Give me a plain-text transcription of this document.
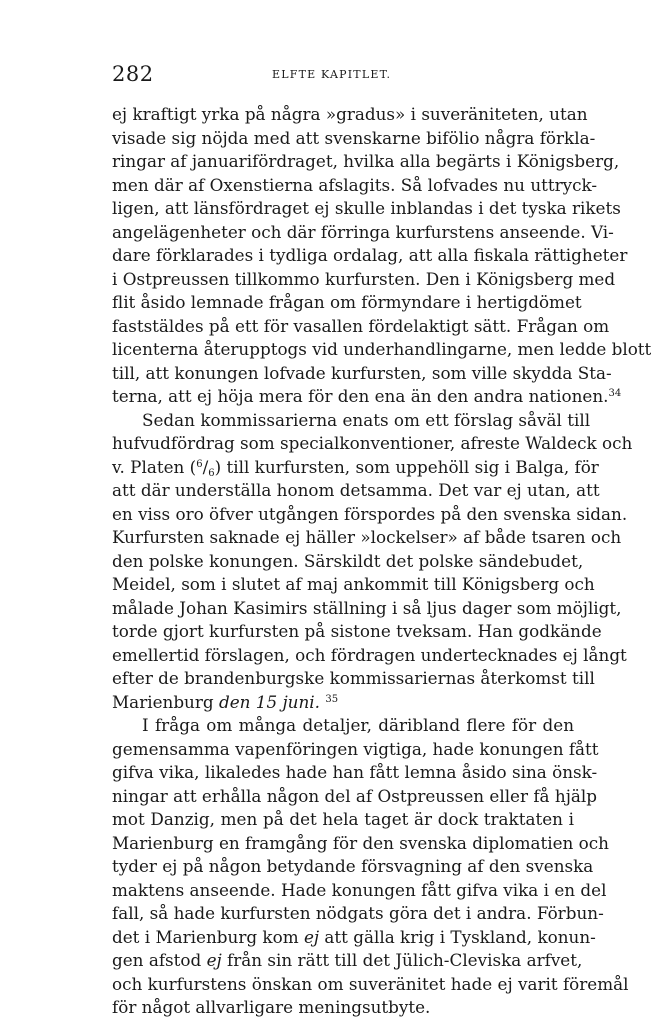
282	ELFTE KAPITLET.
ej kraftigt yrka på några »gradus» i suveräniteten, utan
visade sig nöjda med att svenskarne bifölio några förkla-
ringar af januarifördraget, hvilka alla begärts i Königsberg,
men där af Oxenstierna afslagits. Så lofvades nu uttryck-
ligen, att länsfördraget ej skulle inblandas i det tyska rikets
angelägenheter och där förringa kurfurstens anseende. Vi-
dare förklarades i tydliga ordalag, att alla fiskala rättigheter
i Ostpreussen tillkommo kurfursten. Den i Königsberg med
flit åsido lemnade frågan om förmyndare i hertigdömet
faststäldes på ett för vasallen fördelaktigt sätt. Frågan om
licenterna återupptogs vid underhandlingarne, men ledde blott
till, att konungen lofvade kurfursten, som ville skydda Sta-
terna, att ej höja mera för den ena än den andra nationen.$^{34}$
Sedan kommissarierna enats om ett förslag såväl till
hufvudfördrag som specialkonventioner, afreste Waldeck och
v. Platen $(^6/_6)$ till kurfursten, som uppehöll sig i Balga, för
att där underställa honom detsamma. Det var ej utan, att
en viss oro öfver utgången förspordes på den svenska sidan.
Kurfursten saknade ej häller »lockelser» af både tsaren och
den polske konungen. Särskildt det polske sändebudet,
Meidel, som i slutet af maj ankommit till Königsberg och
målade Johan Kasimirs ställning i så ljus dager som möjligt,
torde gjort kurfursten på sistone tveksam. Han godkände
emellertid förslagen, och fördragen undertecknades ej långt
efter de brandenburgske kommissariernas återkomst till
Marienburg den 15 juni. $^{35}$
I fråga om många detaljer, däribland flere för den
gemensamma vapenföringen vigtiga, hade konungen fått
gifva vika, likaledes hade han fått lemna åsido sina önsk-
ningar att erhålla någon del af Ostpreussen eller få hjälp
mot Danzig, men på det hela taget är dock traktaten i
Marienburg en framgång för den svenska diplomatien och
tyder ej på någon betydande försvagning af den svenska
maktens anseende. Hade konungen fått gifva vika i en del
fall, så hade kurfursten nödgats göra det i andra. Förbun-
det i Marienburg kom ej att gälla krig i Tyskland, konun-
gen afstod ej från sin rätt till det Jülich-Cleviska arfvet,
och kurfurstens önskan om suveränitet hade ej varit föremål
för något allvarligare meningsutbyte.
